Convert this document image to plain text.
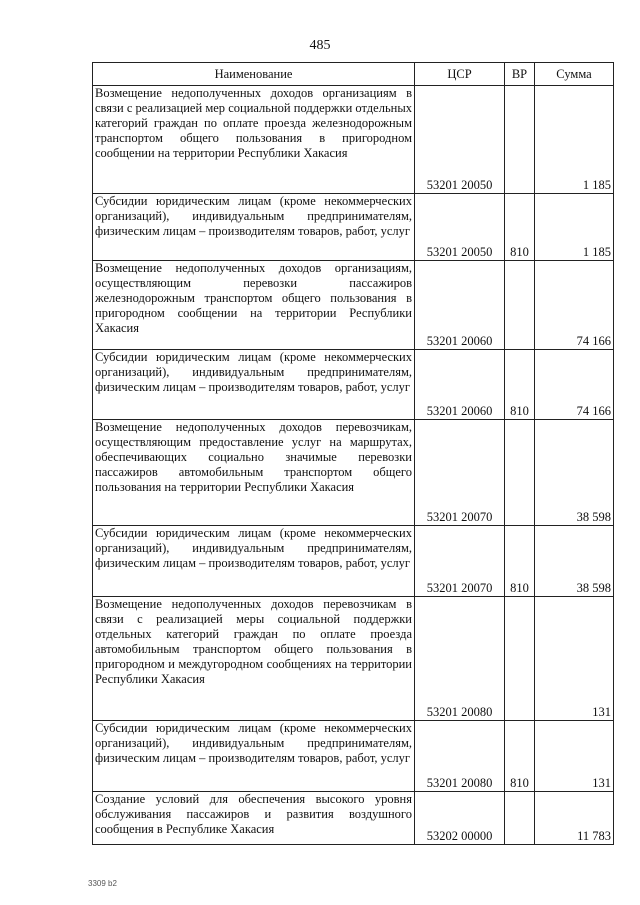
485
Наименование	ЦСР	ВР	Сумма
Возмещение недополученных доходов организациям в связи с реализацией мер социальной поддержки отдельных категорий граждан по оплате проезда железнодорожным транспортом общего пользования в пригородном сообщении на территории Республики Хакасия	53201 20050		1 185
Субсидии юридическим лицам (кроме некоммерческих организаций), индивидуальным предпринимателям, физическим лицам – производителям товаров, работ, услуг	53201 20050	810	1 185
Возмещение недополученных доходов организациям, осуществляющим перевозки пассажиров железнодорожным транспортом общего пользования в пригородном сообщении на территории Республики Хакасия	53201 20060		74 166
Субсидии юридическим лицам (кроме некоммерческих организаций), индивидуальным предпринимателям, физическим лицам – производителям товаров, работ, услуг	53201 20060	810	74 166
Возмещение недополученных доходов перевозчикам, осуществляющим предоставление услуг на маршрутах, обеспечивающих социально значимые перевозки пассажиров автомобильным транспортом общего пользования на территории Республики Хакасия	53201 20070		38 598
Субсидии юридическим лицам (кроме некоммерческих организаций), индивидуальным предпринимателям, физическим лицам – производителям товаров, работ, услуг	53201 20070	810	38 598
Возмещение недополученных доходов перевозчикам в связи с реализацией меры социальной поддержки отдельных категорий граждан по оплате проезда автомобильным транспортом общего пользования в пригородном и междугородном сообщениях на территории Республики Хакасия	53201 20080		131
Субсидии юридическим лицам (кроме некоммерческих организаций), индивидуальным предпринимателям, физическим лицам – производителям товаров, работ, услуг	53201 20080	810	131
Создание условий для обеспечения высокого уровня обслуживания пассажиров и развития воздушного сообщения в Республике Хакасия	53202 00000		11 783
3309 b2
